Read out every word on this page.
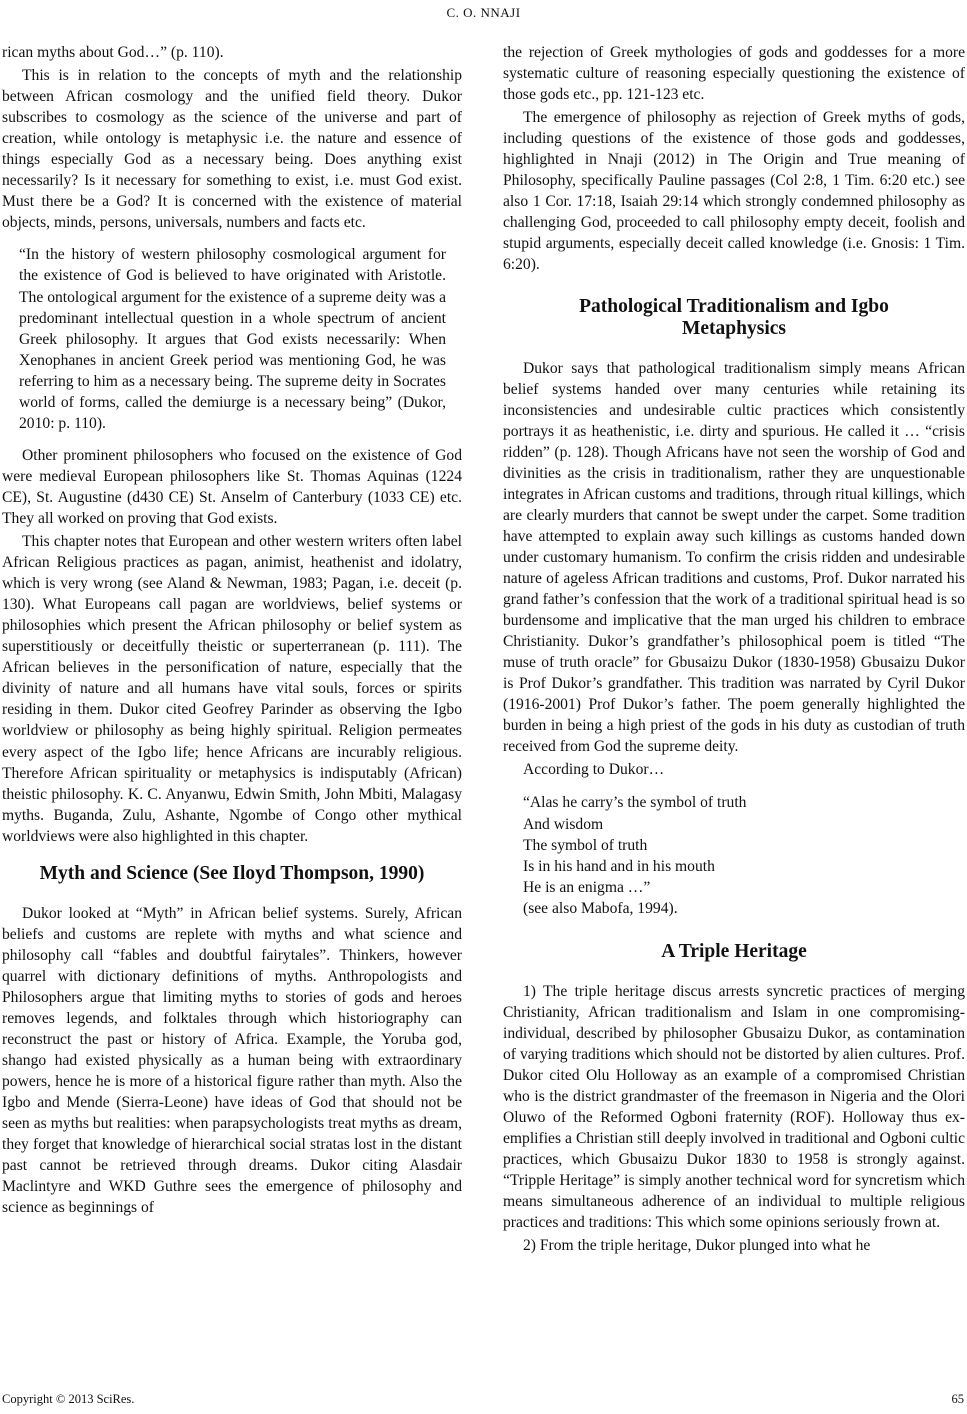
C. O. NNAJI

rican myths about God…” (p. 110).

This is in relation to the concepts of myth and the relationship between African cosmology and the unified field theory. Dukor subscribes to cosmology as the science of the universe and part of creation, while ontology is metaphysic i.e. the nature and essence of things especially God as a necessary being. Does anything exist necessarily? Is it necessary for something to exist, i.e. must God exist. Must there be a God? It is concerned with the existence of material objects, minds, persons, universals, numbers and facts etc.

“In the history of western philosophy cosmological argument for the existence of God is believed to have originated with Aristotle. The ontological argument for the existence of a supreme deity was a predominant intellectual question in a whole spectrum of ancient Greek philosophy. It argues that God exists necessarily: When Xenophanes in ancient Greek period was mentioning God, he was referring to him as a necessary being. The supreme deity in Socrates world of forms, called the demiurge is a necessary being” (Dukor, 2010: p. 110).

Other prominent philosophers who focused on the existence of God were medieval European philosophers like St. Thomas Aquinas (1224 CE), St. Augustine (d430 CE) St. Anselm of Canterbury (1033 CE) etc. They all worked on proving that God exists.

This chapter notes that European and other western writers often label African Religious practices as pagan, animist, heathenist and idolatry, which is very wrong (see Aland & Newman, 1983; Pagan, i.e. deceit (p. 130). What Europeans call pagan are worldviews, belief systems or philosophies which present the African philosophy or belief system as superstitiously or deceitfully theistic or superterranean (p. 111). The African believes in the personification of nature, especially that the divinity of nature and all humans have vital souls, forces or spirits residing in them. Dukor cited Geofrey Parinder as observing the Igbo worldview or philosophy as being highly spiritual. Religion permeates every aspect of the Igbo life; hence Africans are incurably religious. Therefore African spirituality or metaphysics is indisputably (African) theistic philosophy. K. C. Anyanwu, Edwin Smith, John Mbiti, Malagasy myths. Buganda, Zulu, Ashante, Ngombe of Congo other mythical worldviews were also highlighted in this chapter.

Myth and Science (See Iloyd Thompson, 1990)

Dukor looked at “Myth” in African belief systems. Surely, African beliefs and customs are replete with myths and what science and philosophy call “fables and doubtful fairytales”. Thinkers, however quarrel with dictionary definitions of myths. Anthropologists and Philosophers argue that limiting myths to stories of gods and heroes removes legends, and folktales through which historiography can reconstruct the past or history of Africa. Example, the Yoruba god, shango had existed physically as a human being with extraordinary powers, hence he is more of a historical figure rather than myth. Also the Igbo and Mende (Sierra-Leone) have ideas of God that should not be seen as myths but realities: when parapsychologists treat myths as dream, they forget that knowledge of hierarchical social stratas lost in the distant past cannot be retrieved through dreams. Dukor citing Alasdair Maclintyre and WKD Guthre sees the emergence of philosophy and science as beginnings of

the rejection of Greek mythologies of gods and goddesses for a more systematic culture of reasoning especially questioning the existence of those gods etc., pp. 121-123 etc.

The emergence of philosophy as rejection of Greek myths of gods, including questions of the existence of those gods and goddesses, highlighted in Nnaji (2012) in The Origin and True meaning of Philosophy, specifically Pauline passages (Col 2:8, 1 Tim. 6:20 etc.) see also 1 Cor. 17:18, Isaiah 29:14 which strongly condemned philosophy as challenging God, proceeded to call philosophy empty deceit, foolish and stupid arguments, especially deceit called knowledge (i.e. Gnosis: 1 Tim. 6:20).

Pathological Traditionalism and Igbo
Metaphysics

Dukor says that pathological traditionalism simply means African belief systems handed over many centuries while retaining its inconsistencies and undesirable cultic practices which consistently portrays it as heathenistic, i.e. dirty and spurious. He called it … “crisis ridden” (p. 128). Though Africans have not seen the worship of God and divinities as the crisis in traditionalism, rather they are unquestionable integrates in African customs and traditions, through ritual killings, which are clearly murders that cannot be swept under the carpet. Some tradition have attempted to explain away such killings as customs handed down under customary humanism. To confirm the crisis ridden and undesirable nature of ageless African traditions and customs, Prof. Dukor narrated his grand father’s confession that the work of a traditional spiritual head is so burdensome and implicative that the man urged his children to embrace Christianity. Dukor’s grandfather’s philosophical poem is titled “The muse of truth oracle” for Gbusaizu Dukor (1830-1958) Gbusaizu Dukor is Prof Dukor’s grandfather. This tradition was narrated by Cyril Dukor (1916-2001) Prof Dukor’s father. The poem generally highlighted the burden in being a high priest of the gods in his duty as custodian of truth received from God the supreme deity.

According to Dukor…

“Alas he carry’s the symbol of truth
And wisdom
The symbol of truth
Is in his hand and in his mouth
He is an enigma …”
(see also Mabofa, 1994).
A Triple Heritage

1) The triple heritage discus arrests syncretic practices of merging Christianity, African traditionalism and Islam in one compromising-individual, described by philosopher Gbusaizu Dukor, as contamination of varying traditions which should not be distorted by alien cultures. Prof. Dukor cited Olu Holloway as an example of a compromised Christian who is the district grandmaster of the freemason in Nigeria and the Olori Oluwo of the Reformed Ogboni fraternity (ROF). Holloway thus exemplifies a Christian still deeply involved in traditional and Ogboni cultic practices, which Gbusaizu Dukor 1830 to 1958 is strongly against. “Tripple Heritage” is simply another technical word for syncretism which means simultaneous adherence of an individual to multiple religious practices and traditions: This which some opinions seriously frown at.

2) From the triple heritage, Dukor plunged into what he

Copyright © 2013 SciRes.	65
